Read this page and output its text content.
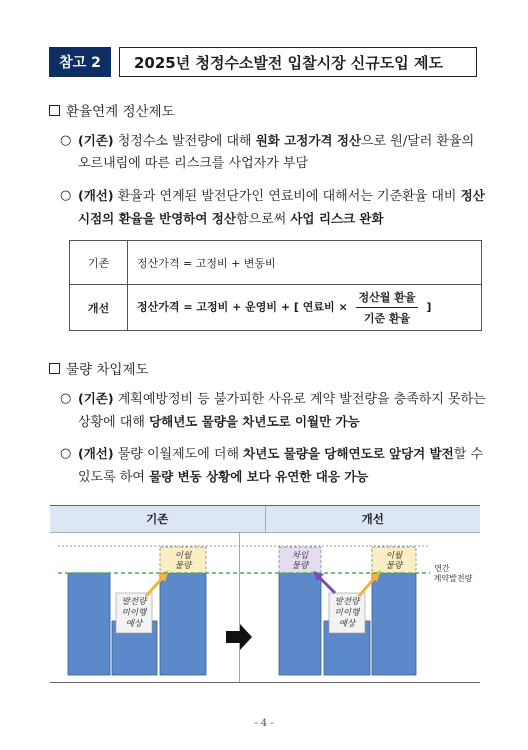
참고 2	2025년 청정수소발전 입찰시장 신규도입 제도
환율연계 정산제도
○ (기존) 청정수소 발전량에 대해 원화 고정가격 정산으로 원/달러 환율의 오르내림에 따른 리스크를 사업자가 부담
○ (개선) 환율과 연계된 발전단가인 연료비에 대해서는 기준환율 대비 정산시점의 환율을 반영하여 정산함으로써 사업 리스크 완화
기존	정산가격 = 고정비 + 변동비
개선	정산가격 = 고정비 + 운영비 + [ 연료비 × $\frac{\text{정산월 환율}}{\text{기준 환율}}$ ]
물량 차입제도
○ (기존) 계획예방정비 등 불가피한 사유로 계약 발전량을 충족하지 못하는 상황에 대해 당해년도 물량을 차년도로 이월만 가능
○ (개선) 물량 이월제도에 더해 차년도 물량을 당해연도로 앞당겨 발전할 수 있도록 하여 물량 변동 상황에 보다 유연한 대응 가능
기존	개선
이월
물량
발전량
미이행
예상
차입
물량
이월
물량
발전량
미이행
예상
연간
계약발전량
- 4 -
